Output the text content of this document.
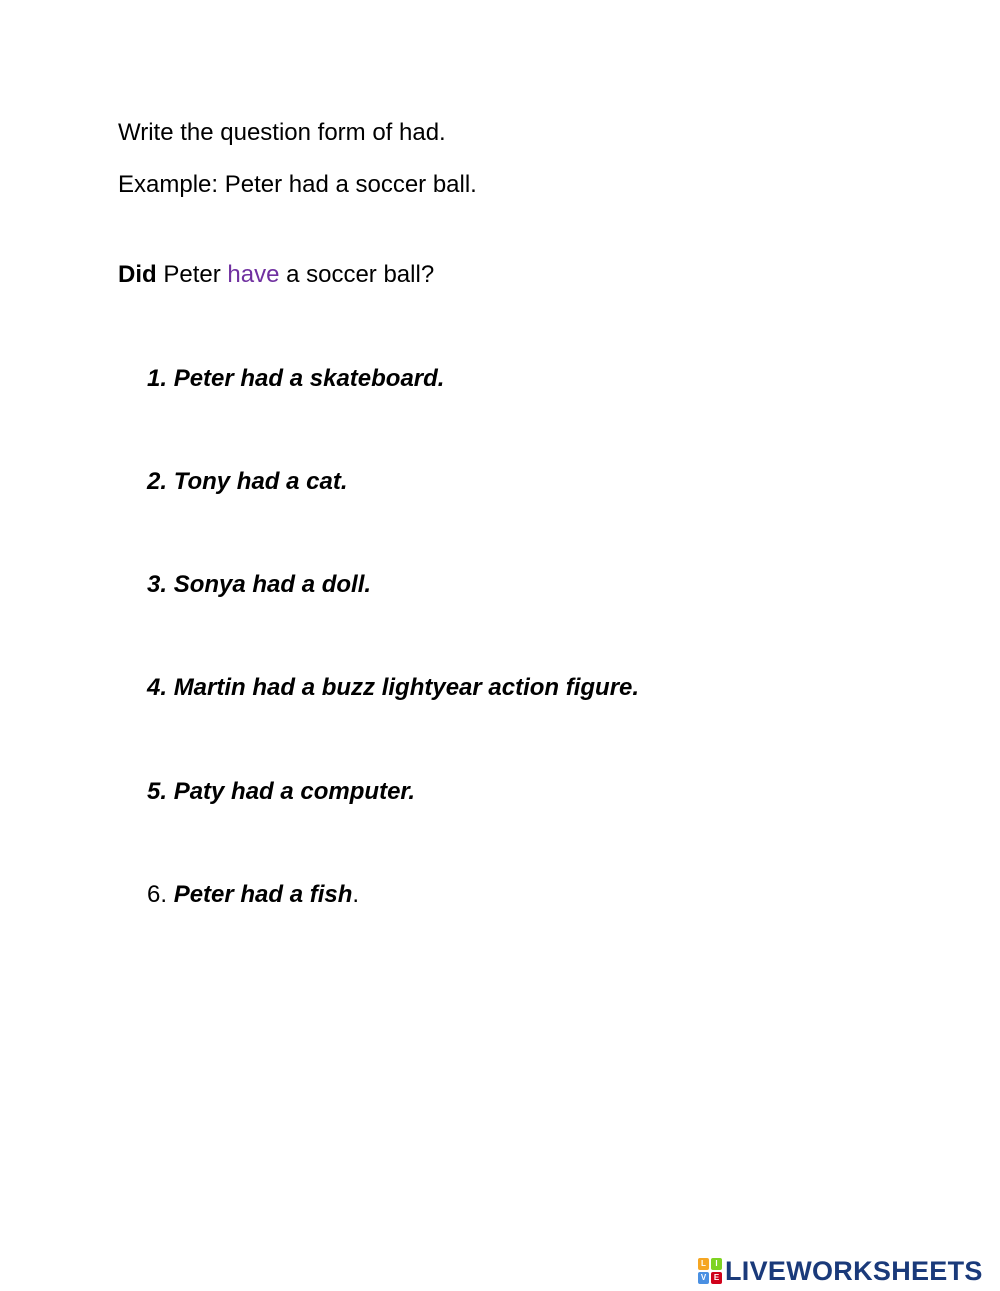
Write the question form of had.
Example: Peter had a soccer ball.
Did Peter have a soccer ball?
1. Peter had a skateboard.
2. Tony had a cat.
3. Sonya had a doll.
4. Martin had a buzz lightyear action figure.
5. Paty had a computer.
6. Peter had a fish.
L	I
V E LIVEWORKSHEETS
